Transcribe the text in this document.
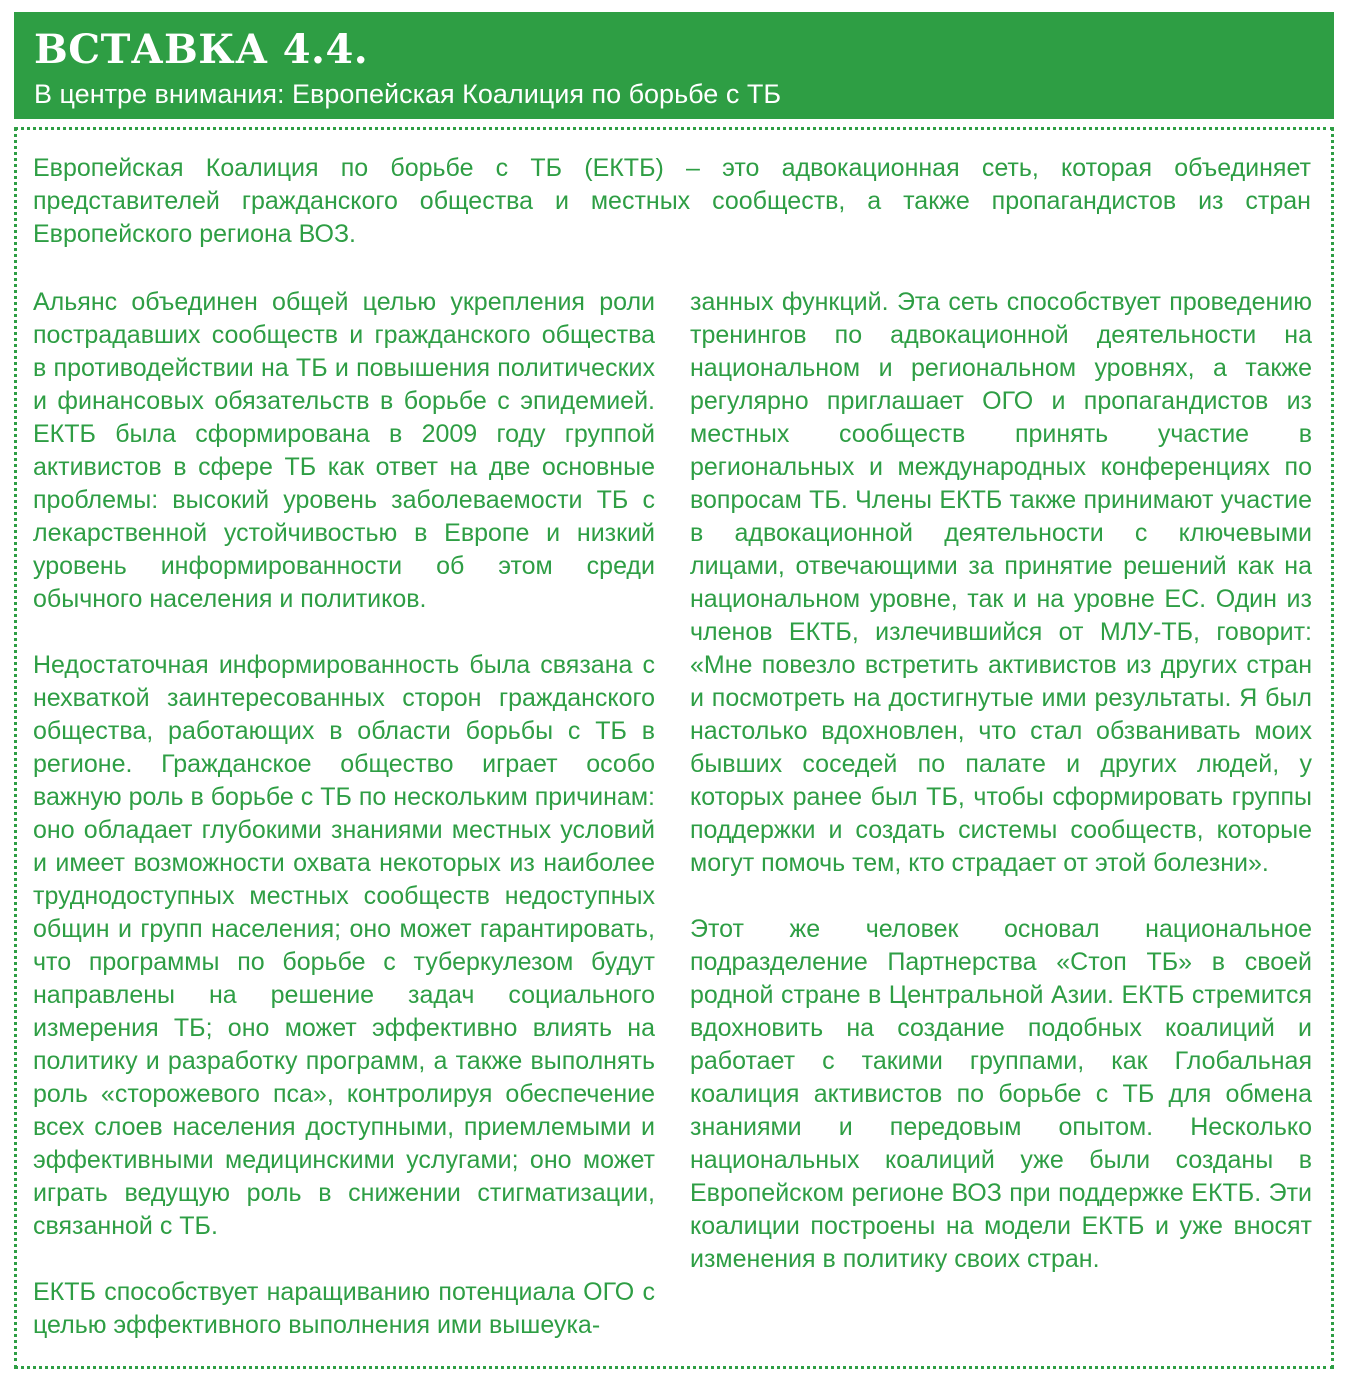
ВСТАВКА 4.4.
В центре внимания: Европейская Коалиция по борьбе с ТБ
Европейская Коалиция по борьбе с ТБ (ЕКТБ) – это адвокационная сеть, которая объединяет представителей гражданского общества и местных сообществ, а также пропагандистов из стран Европейского региона ВОЗ.

Альянс объединен общей целью укрепления роли пострадавших сообществ и гражданского общества в противодействии на ТБ и повышения политических и финансовых обязательств в борьбе с эпидемией. ЕКТБ была сформирована в 2009 году группой активистов в сфере ТБ как ответ на две основные проблемы: высокий уровень заболеваемости ТБ с лекарственной устойчивостью в Европе и низкий уровень информированности об этом среди обычного населения и политиков.

Недостаточная информированность была связана с нехваткой заинтересованных сторон гражданского общества, работающих в области борьбы с ТБ в регионе. Гражданское общество играет особо важную роль в борьбе с ТБ по нескольким причинам: оно обладает глубокими знаниями местных условий и имеет возможности охвата некоторых из наиболее труднодоступных местных сообществ недоступных общин и групп населения; оно может гарантировать, что программы по борьбе с туберкулезом будут направлены на решение задач социального измерения ТБ; оно может эффективно влиять на политику и разработку программ, а также выполнять роль «сторожевого пса», контролируя обеспечение всех слоев населения доступными, приемлемыми и эффективными медицинскими услугами; оно может играть ведущую роль в снижении стигматизации, связанной с ТБ.

ЕКТБ способствует наращиванию потенциала ОГО с целью эффективного выполнения ими вышеука-

занных функций. Эта сеть способствует проведению тренингов по адвокационной деятельности на национальном и региональном уровнях, а также регулярно приглашает ОГО и пропагандистов из местных сообществ принять участие в региональных и международных конференциях по вопросам ТБ. Члены ЕКТБ также принимают участие в адвокационной деятельности с ключевыми лицами, отвечающими за принятие решений как на национальном уровне, так и на уровне ЕС. Один из членов ЕКТБ, излечившийся от МЛУ-ТБ, говорит: «Мне повезло встретить активистов из других стран и посмотреть на достигнутые ими результаты. Я был настолько вдохновлен, что стал обзванивать моих бывших соседей по палате и других людей, у которых ранее был ТБ, чтобы сформировать группы поддержки и создать системы сообществ, которые могут помочь тем, кто страдает от этой болезни».

Этот же человек основал национальное подразделение Партнерства «Стоп ТБ» в своей родной стране в Центральной Азии. ЕКТБ стремится вдохновить на создание подобных коалиций и работает с такими группами, как Глобальная коалиция активистов по борьбе с ТБ для обмена знаниями и передовым опытом. Несколько национальных коалиций уже были созданы в Европейском регионе ВОЗ при поддержке ЕКТБ. Эти коалиции построены на модели ЕКТБ и уже вносят изменения в политику своих стран.
